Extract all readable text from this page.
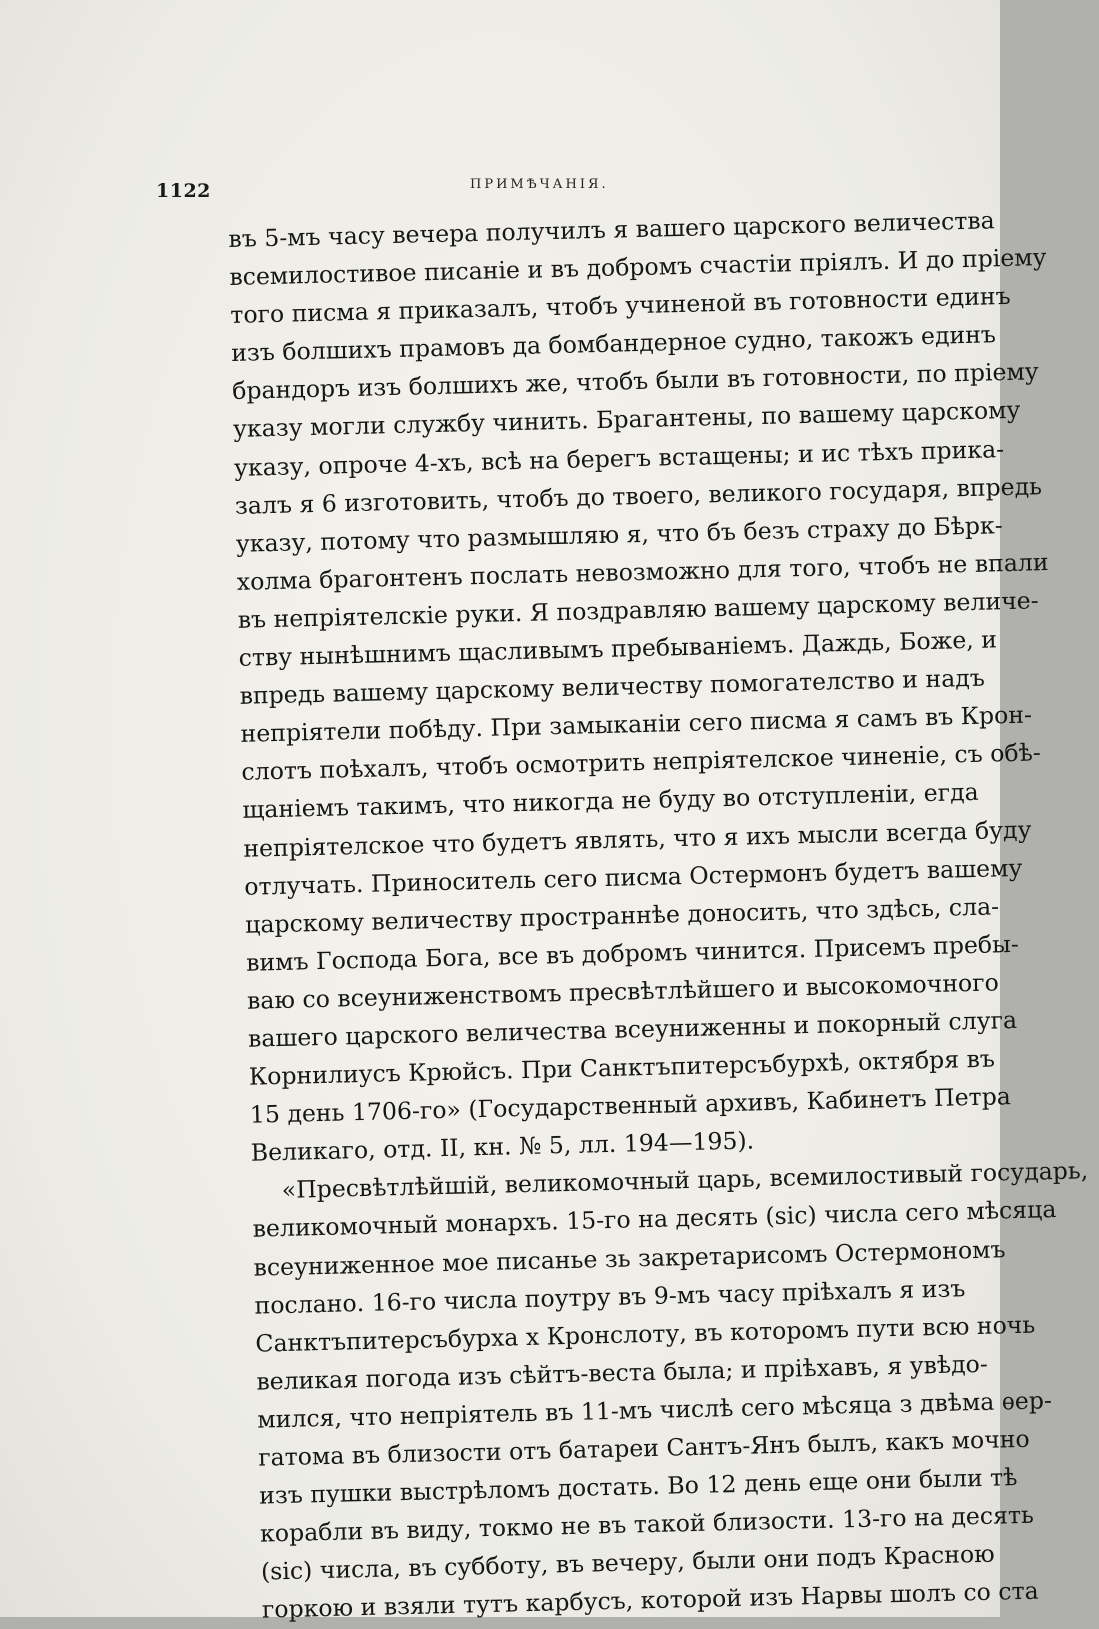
1122	ПРИМѢЧАНІЯ.
въ 5-мъ часу вечера получилъ я вашего царского величества
всемилостивое писаніе и въ добромъ счастіи пріялъ. И до пріему
того писма я приказалъ, чтобъ учиненой въ готовности единъ
изъ болшихъ прамовъ да бомбандерное судно, такожъ единъ
брандоръ изъ болшихъ же, чтобъ были въ готовности, по пріему
указу могли службу чинить. Брагантены, по вашему царскому
указу, опроче 4-хъ, всѣ на берегъ встащены; и ис тѣхъ прика-
залъ я 6 изготовить, чтобъ до твоего, великого государя, впредь
указу, потому что размышляю я, что бъ безъ страху до Бѣрк-
холма брагонтенъ послать невозможно для того, чтобъ не впали
въ непріятелскіе руки. Я поздравляю вашему царскому величе-
ству нынѣшнимъ щасливымъ пребываніемъ. Даждь, Боже, и
впредь вашему царскому величеству помогателство и надъ
непріятели побѣду. При замыканіи сего писма я самъ въ Крон-
слотъ поѣхалъ, чтобъ осмотрить непріятелское чиненіе, съ обѣ-
щаніемъ такимъ, что никогда не буду во отступленіи, егда
непріятелское что будетъ являть, что я ихъ мысли всегда буду
отлучать. Приноситель сего писма Остермонъ будетъ вашему
царскому величеству пространнѣе доносить, что здѣсь, сла-
вимъ Господа Бога, все въ добромъ чинится. Присемъ пребы-
ваю со всеуниженствомъ пресвѣтлѣйшего и высокомочного
вашего царского величества всеуниженны и покорный слуга
Корнилиусъ Крюйсъ. При Санктъпитерсъбурхѣ, октября въ
15 день 1706-го» (Государственный архивъ, Кабинетъ Петра
Великаго, отд. II, кн. № 5, лл. 194—195).
«Пресвѣтлѣйшій, великомочный царь, всемилостивый государь,
великомочный монархъ. 15-го на десять (sic) числа сего мѣсяца
всеуниженное мое писанье зь закретарисомъ Остермономъ
послано. 16-го числа поутру въ 9-мъ часу пріѣхалъ я изъ
Санктъпитерсъбурха х Кронслоту, въ которомъ пути всю ночь
великая погода изъ сѣйтъ-веста была; и пріѣхавъ, я увѣдо-
мился, что непріятель въ 11-мъ числѣ сего мѣсяца з двѣма ѳер-
гатома въ близости отъ батареи Сантъ-Янъ былъ, какъ мочно
изъ пушки выстрѣломъ достать. Во 12 день еще они были тѣ
корабли въ виду, токмо не въ такой близости. 13-го на десять
(sic) числа, въ субботу, въ вечеру, были они подъ Красною
горкою и взяли тутъ карбусъ, которой изъ Нарвы шолъ со ста
